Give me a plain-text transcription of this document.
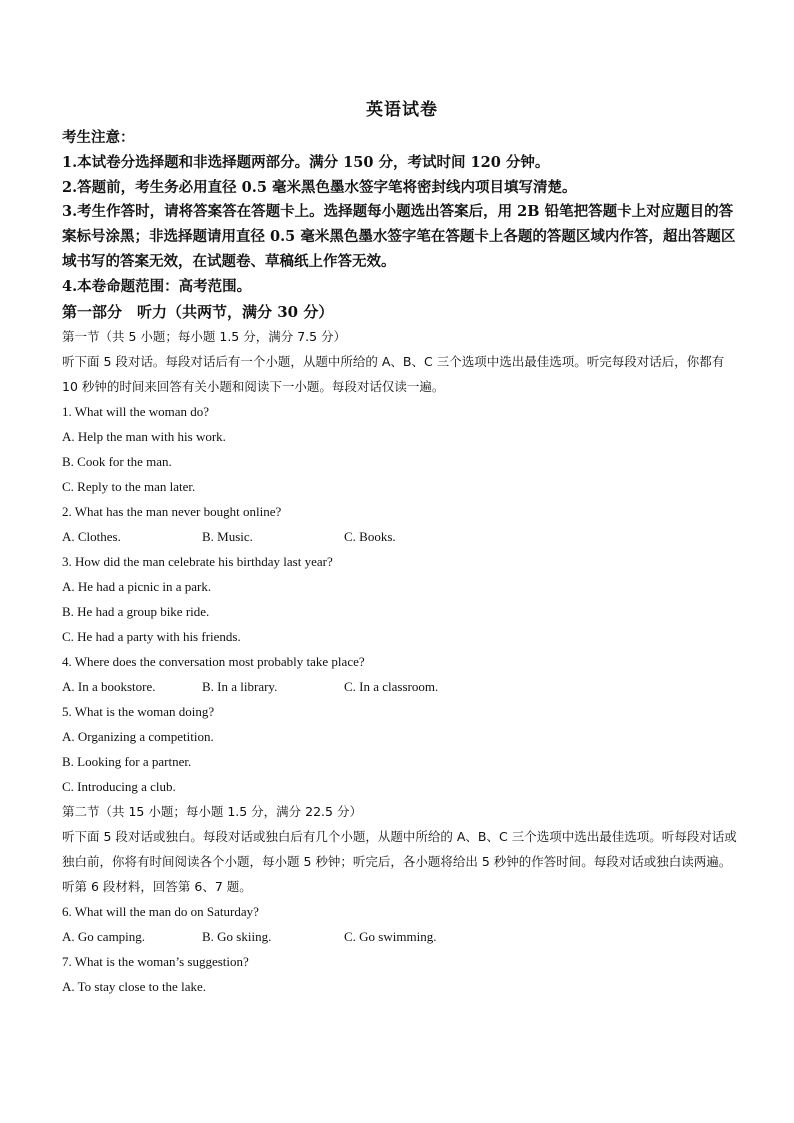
英语试卷
考生注意：
1.本试卷分选择题和非选择题两部分。满分 150 分，考试时间 120 分钟。
2.答题前，考生务必用直径 0.5 毫米黑色墨水签字笔将密封线内项目填写清楚。
3.考生作答时，请将答案答在答题卡上。选择题每小题选出答案后，用 2B 铅笔把答题卡上对应题目的答案标号涂黑；非选择题请用直径 0.5 毫米黑色墨水签字笔在答题卡上各题的答题区域内作答，超出答题区域书写的答案无效，在试题卷、草稿纸上作答无效。
4.本卷命题范围：高考范围。
第一部分　听力（共两节，满分 30 分）
第一节（共 5 小题；每小题 1.5 分，满分 7.5 分）
听下面 5 段对话。每段对话后有一个小题，从题中所给的 A、B、C 三个选项中选出最佳选项。听完每段对话后，你都有 10 秒钟的时间来回答有关小题和阅读下一小题。每段对话仅读一遍。
1. What will the woman do?
A. Help the man with his work.
B. Cook for the man.
C. Reply to the man later.
2. What has the man never bought online?
A. Clothes.	B. Music.	C. Books.
3. How did the man celebrate his birthday last year?
A. He had a picnic in a park.
B. He had a group bike ride.
C. He had a party with his friends.
4. Where does the conversation most probably take place?
A. In a bookstore.	B. In a library.	C. In a classroom.
5. What is the woman doing?
A. Organizing a competition.
B. Looking for a partner.
C. Introducing a club.
第二节（共 15 小题；每小题 1.5 分，满分 22.5 分）
听下面 5 段对话或独白。每段对话或独白后有几个小题，从题中所给的 A、B、C 三个选项中选出最佳选项。听每段对话或独白前，你将有时间阅读各个小题，每小题 5 秒钟；听完后，各小题将给出 5 秒钟的作答时间。每段对话或独白读两遍。
听第 6 段材料，回答第 6、7 题。
6. What will the man do on Saturday?
A. Go camping.	B. Go skiing.	C. Go swimming.
7. What is the woman’s suggestion?
A. To stay close to the lake.
